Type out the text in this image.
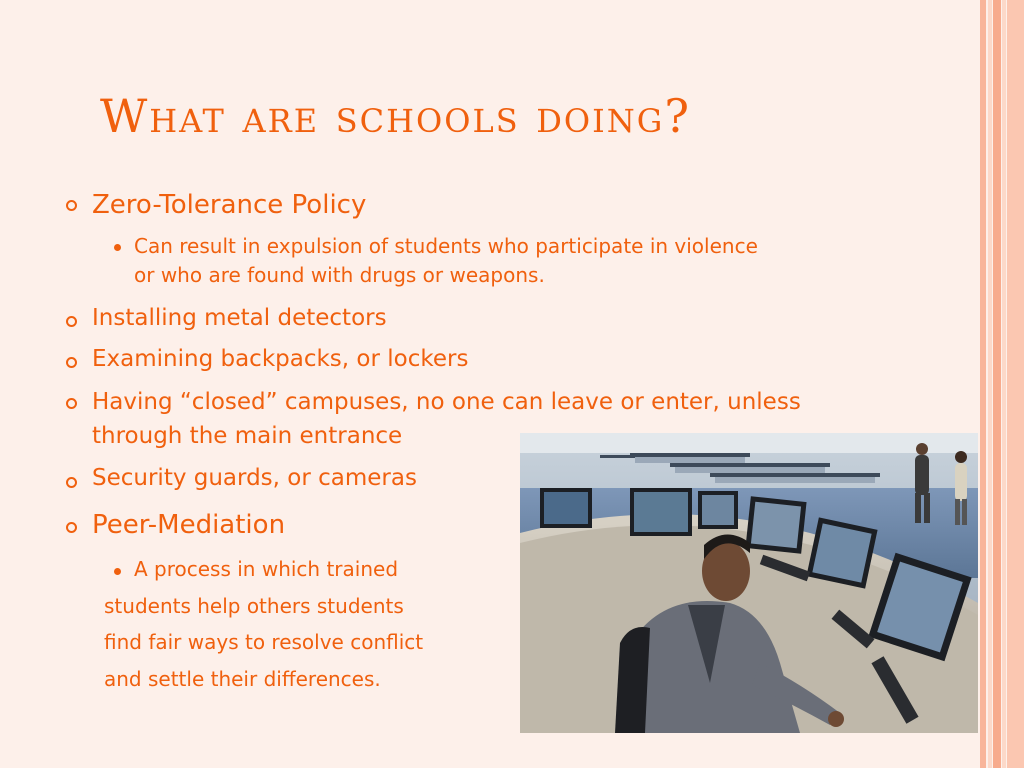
What are schools doing?
Zero-Tolerance Policy
Can result in expulsion of students who participate in violence
or who are found with drugs or weapons.
Installing metal detectors
Examining backpacks, or lockers
Having “closed” campuses, no one can leave or enter, unless
through the main entrance
Security guards, or cameras
Peer-Mediation
A process in which trained
students help others students
find fair ways to resolve conflict
and settle their differences.
